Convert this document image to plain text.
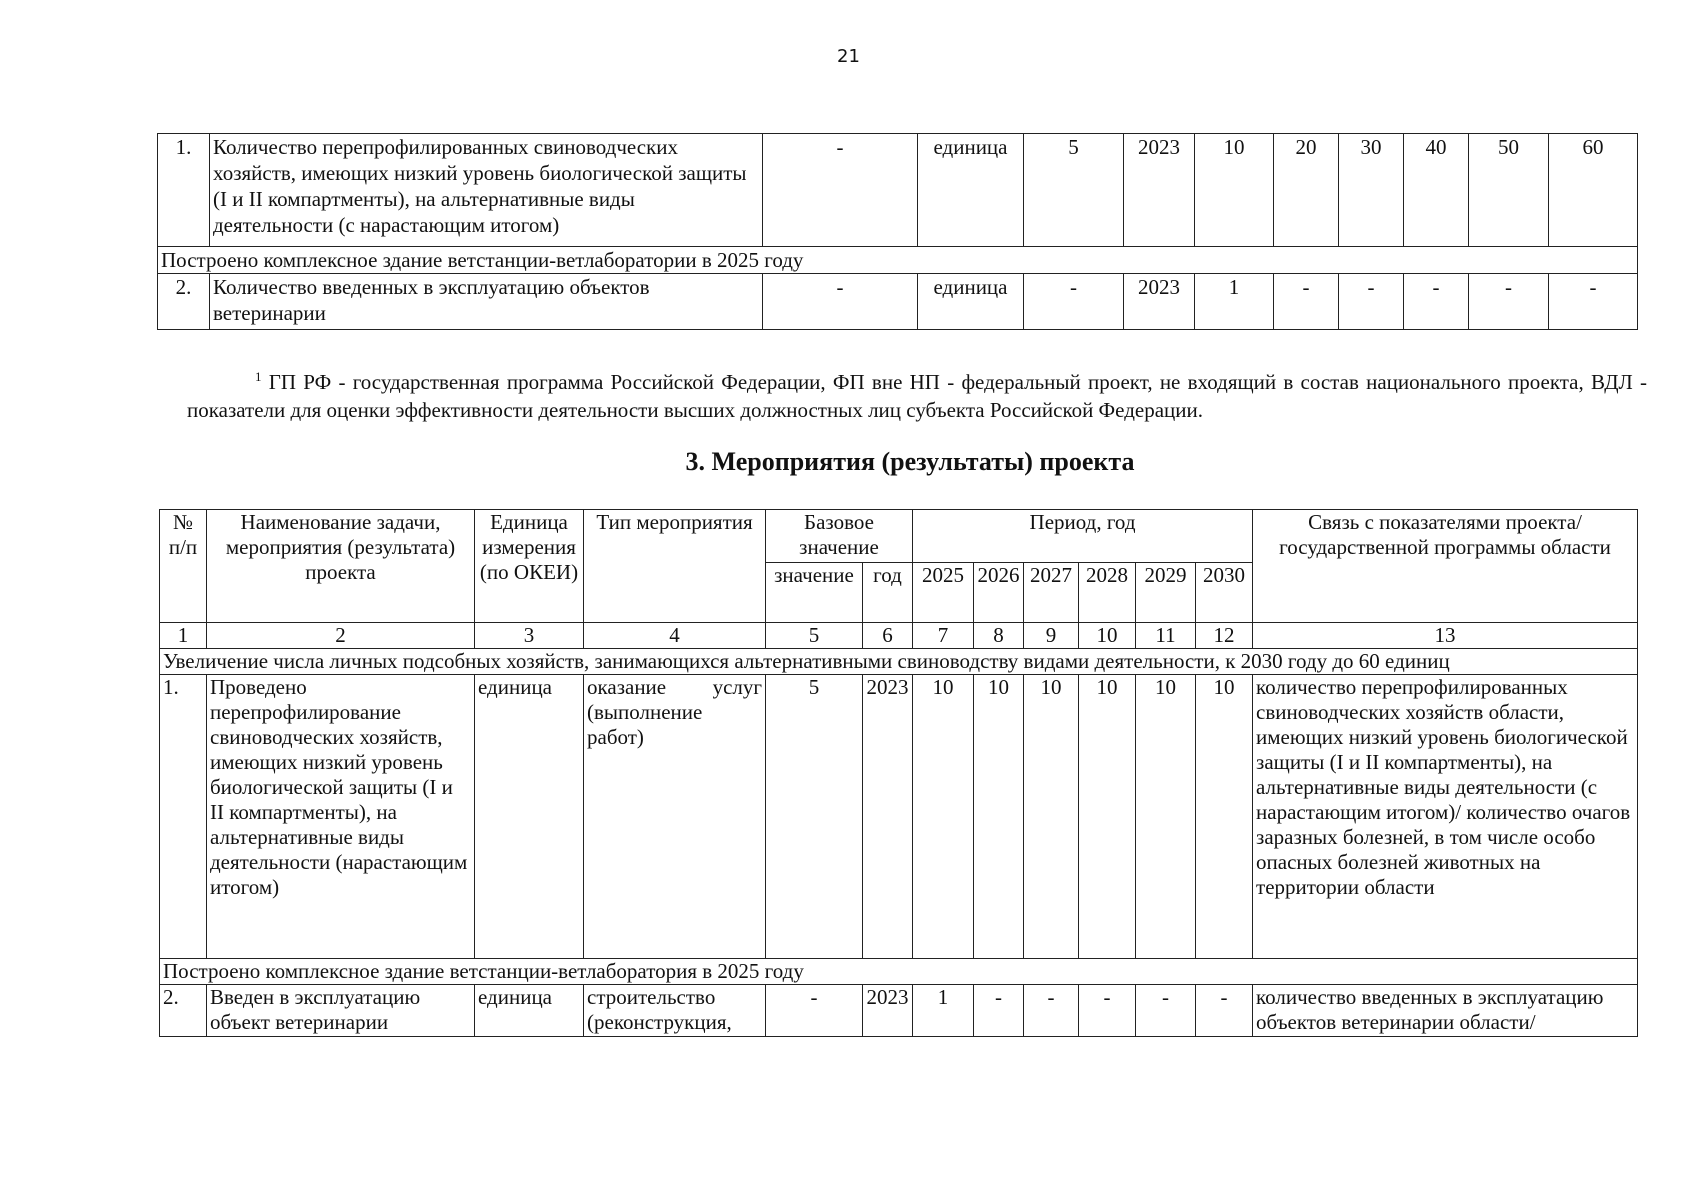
21
1.	Количество перепрофилированных свиноводческих хозяйств, имеющих низкий уровень биологической защиты (I и II компартменты), на альтернативные виды деятельности (с нарастающим итогом)	-	единица	5	2023	10	20	30	40	50	60
Построено комплексное здание ветстанции-ветлаборатории в 2025 году											
2.	Количество введенных в эксплуатацию объектов ветеринарии	-	единица	-	2023	1	-	-	-	-	-
$^1$ ГП РФ - государственная программа Российской Федерации, ФП вне НП - федеральный проект, не входящий в состав национального проекта, ВДЛ - показатели для оценки эффективности деятельности высших должностных лиц субъекта Российской Федерации.
3. Мероприятия (результаты) проекта
№ п/п	Наименование задачи, мероприятия (результата) проекта	Единица измерения (по ОКЕИ)	Тип мероприятия	Базовое значение		Период, год						Связь с показателями проекта/государственной программы области
				значение	год	2025	2026	2027	2028	2029	2030	
1	2	3	4	5	6	7	8	9	10	11	12	13
Увеличение числа личных подсобных хозяйств, занимающихся альтернативными свиноводству видами деятельности, к 2030 году до 60 единиц												
1.	Проведено перепрофилирование свиноводческих хозяйств, имеющих низкий уровень биологической защиты (I и II компартменты), на альтернативные виды деятельности (нарастающим итогом)	единица	оказание услуг (выполнение работ)	5	2023	10	10	10	10	10	10	количество перепрофилированных свиноводческих хозяйств области, имеющих низкий уровень биологической защиты (I и II компартменты), на альтернативные виды деятельности (с нарастающим итогом)/ количество очагов заразных болезней, в том числе особо опасных болезней животных на территории области
Построено комплексное здание ветстанции-ветлаборатория в 2025 году												
2.	Введен в эксплуатацию объект ветеринарии	единица	строительство (реконструкция,	-	2023	1	-	-	-	-	-	количество введенных в эксплуатацию объектов ветеринарии области/
